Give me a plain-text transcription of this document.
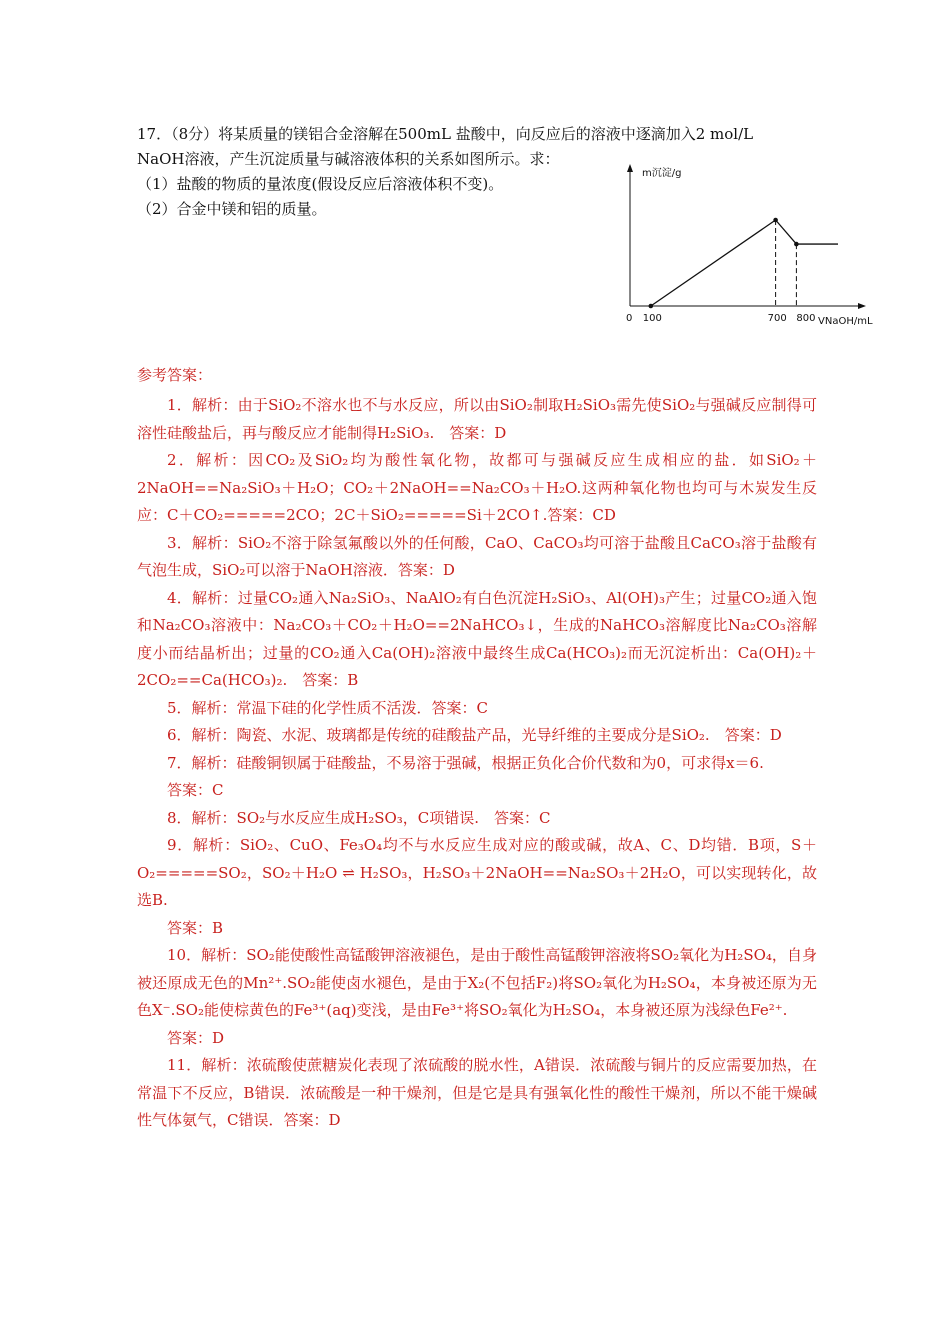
17．（8分）将某质量的镁铝合金溶解在500mL 盐酸中，向反应后的溶液中逐滴加入2 mol/L

NaOH溶液，产生沉淀质量与碱溶液体积的关系如图所示。求：

（1）盐酸的物质的量浓度(假设反应后溶液体积不变)。

（2）合金中镁和铝的质量。

m沉淀/g
VNaOH/mL
0 100	700 800
参考答案：

1．解析：由于SiO₂不溶水也不与水反应，所以由SiO₂制取H₂SiO₃需先使SiO₂与强碱反应制得可溶性硅酸盐后，再与酸反应才能制得H₂SiO₃.　答案：D

2．解析：因CO₂及SiO₂均为酸性氧化物，故都可与强碱反应生成相应的盐．如SiO₂＋2NaOH==Na₂SiO₃＋H₂O；CO₂＋2NaOH==Na₂CO₃＋H₂O.这两种氧化物也均可与木炭发生反应：C＋CO₂=====2CO；2C＋SiO₂=====Si＋2CO↑.答案：CD

3．解析：SiO₂不溶于除氢氟酸以外的任何酸，CaO、CaCO₃均可溶于盐酸且CaCO₃溶于盐酸有气泡生成，SiO₂可以溶于NaOH溶液．答案：D

4．解析：过量CO₂通入Na₂SiO₃、NaAlO₂有白色沉淀H₂SiO₃、Al(OH)₃产生；过量CO₂通入饱和Na₂CO₃溶液中：Na₂CO₃＋CO₂＋H₂O==2NaHCO₃↓，生成的NaHCO₃溶解度比Na₂CO₃溶解度小而结晶析出；过量的CO₂通入Ca(OH)₂溶液中最终生成Ca(HCO₃)₂而无沉淀析出：Ca(OH)₂＋2CO₂==Ca(HCO₃)₂.　答案：B

5．解析：常温下硅的化学性质不活泼．答案：C

6．解析：陶瓷、水泥、玻璃都是传统的硅酸盐产品，光导纤维的主要成分是SiO₂.　答案：D

7．解析：硅酸铜钡属于硅酸盐，不易溶于强碱，根据正负化合价代数和为0，可求得x＝6.

答案：C

8．解析：SO₂与水反应生成H₂SO₃，C项错误.　答案：C

9．解析：SiO₂、CuO、Fe₃O₄均不与水反应生成对应的酸或碱，故A、C、D均错．B项，S＋O₂=====SO₂，SO₂＋H₂O ⇌ H₂SO₃，H₂SO₃＋2NaOH==Na₂SO₃＋2H₂O，可以实现转化，故选B.

答案：B

10．解析：SO₂能使酸性高锰酸钾溶液褪色，是由于酸性高锰酸钾溶液将SO₂氧化为H₂SO₄，自身被还原成无色的Mn²⁺.SO₂能使卤水褪色，是由于X₂(不包括F₂)将SO₂氧化为H₂SO₄，本身被还原为无色X⁻.SO₂能使棕黄色的Fe³⁺(aq)变浅，是由Fe³⁺将SO₂氧化为H₂SO₄，本身被还原为浅绿色Fe²⁺.

答案：D

11．解析：浓硫酸使蔗糖炭化表现了浓硫酸的脱水性，A错误．浓硫酸与铜片的反应需要加热，在常温下不反应，B错误．浓硫酸是一种干燥剂，但是它是具有强氧化性的酸性干燥剂，所以不能干燥碱性气体氨气，C错误．答案：D
